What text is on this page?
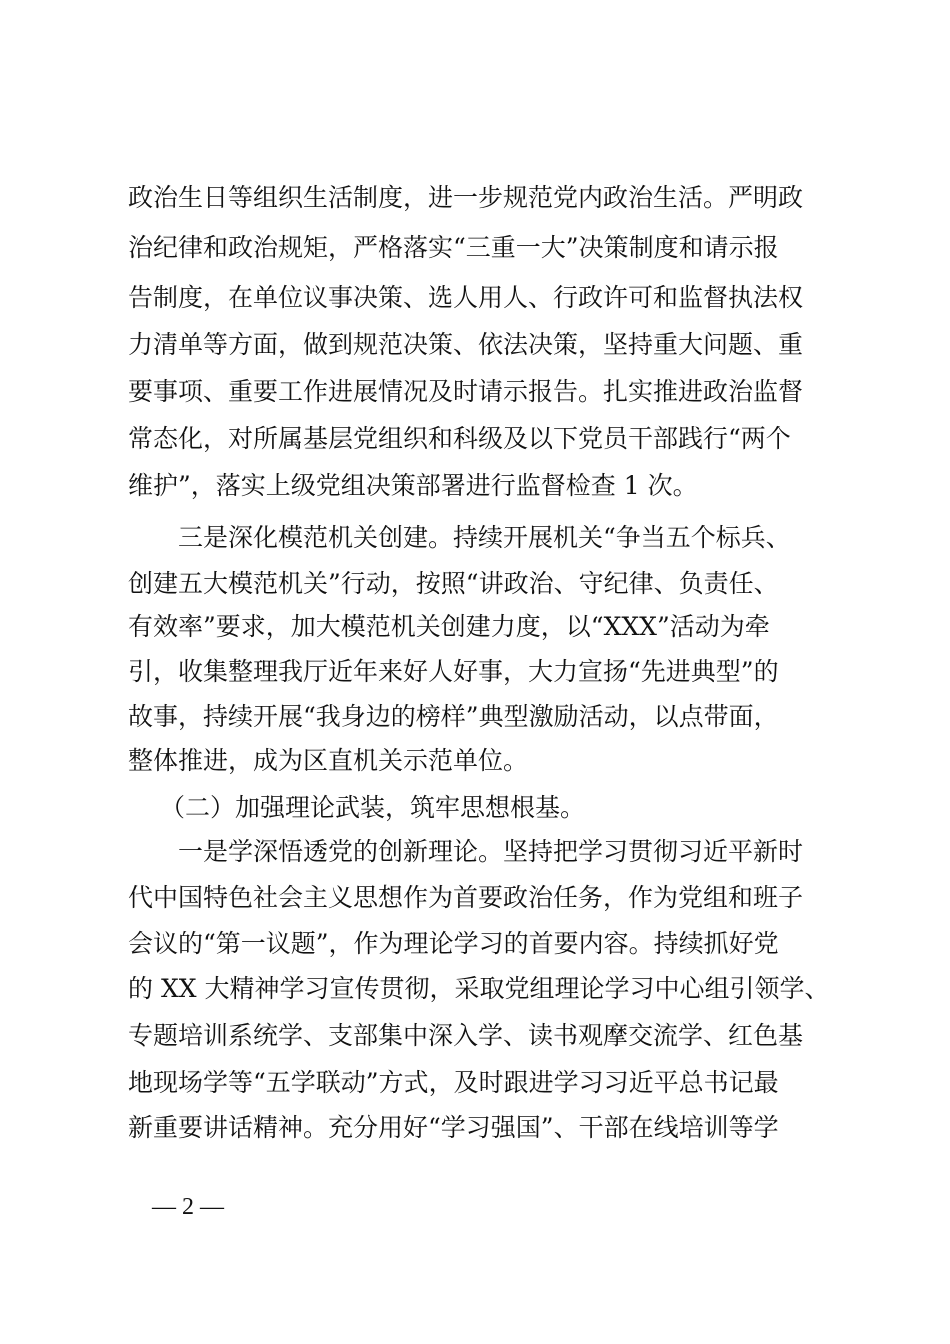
政治生日等组织生活制度，进一步规范党内政治生活。严明政

治纪律和政治规矩，严格落实“三重一大”决策制度和请示报

告制度，在单位议事决策、选人用人、行政许可和监督执法权

力清单等方面，做到规范决策、依法决策，坚持重大问题、重

要事项、重要工作进展情况及时请示报告。扎实推进政治监督

常态化，对所属基层党组织和科级及以下党员干部践行“两个

维护”，落实上级党组决策部署进行监督检查 1 次。

三是深化模范机关创建。持续开展机关“争当五个标兵、

创建五大模范机关”行动，按照“讲政治、守纪律、负责任、

有效率”要求，加大模范机关创建力度，以“XXX”活动为牵

引，收集整理我厅近年来好人好事，大力宣扬“先进典型”的

故事，持续开展“我身边的榜样”典型激励活动，以点带面，

整体推进，成为区直机关示范单位。

（二）加强理论武装，筑牢思想根基。

一是学深悟透党的创新理论。坚持把学习贯彻习近平新时

代中国特色社会主义思想作为首要政治任务，作为党组和班子

会议的“第一议题”，作为理论学习的首要内容。持续抓好党

的 XX 大精神学习宣传贯彻，采取党组理论学习中心组引领学、

专题培训系统学、支部集中深入学、读书观摩交流学、红色基

地现场学等“五学联动”方式，及时跟进学习习近平总书记最

新重要讲话精神。充分用好“学习强国”、干部在线培训等学

— 2 —
